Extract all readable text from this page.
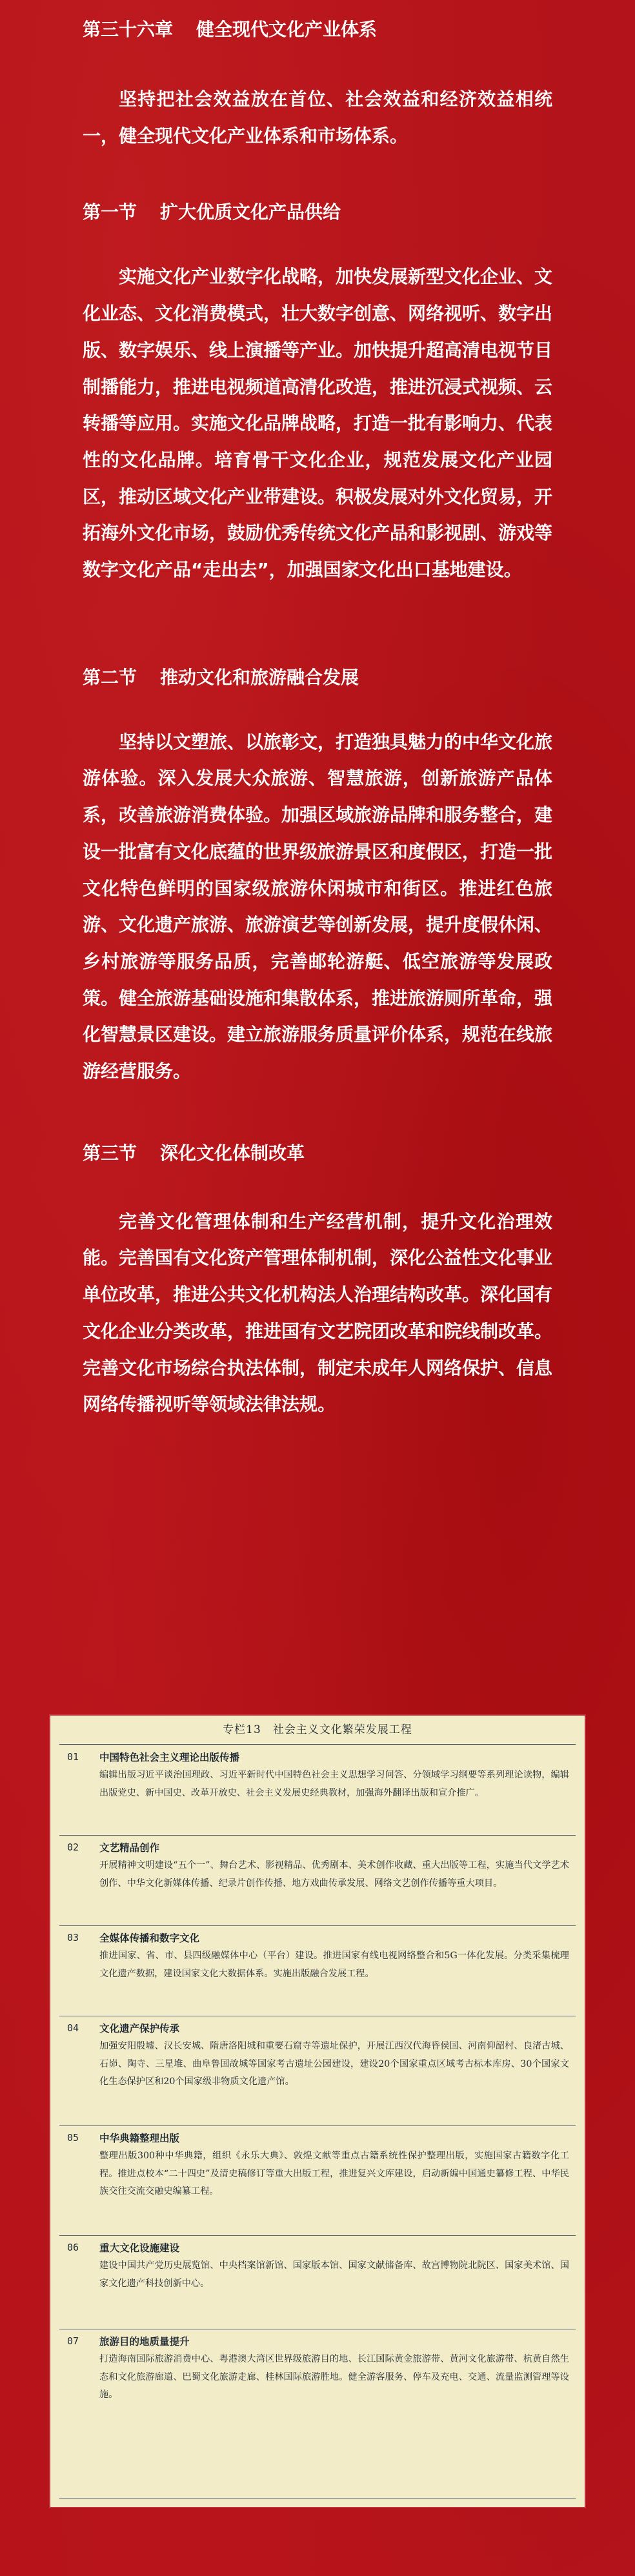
第三十六章 健全现代文化产业体系

坚持把社会效益放在首位、社会效益和经济效益相统一，健全现代文化产业体系和市场体系。

第一节 扩大优质文化产品供给

实施文化产业数字化战略，加快发展新型文化企业、文化业态、文化消费模式，壮大数字创意、网络视听、数字出版、数字娱乐、线上演播等产业。加快提升超高清电视节目制播能力，推进电视频道高清化改造，推进沉浸式视频、云转播等应用。实施文化品牌战略，打造一批有影响力、代表性的文化品牌。培育骨干文化企业，规范发展文化产业园区，推动区域文化产业带建设。积极发展对外文化贸易，开拓海外文化市场，鼓励优秀传统文化产品和影视剧、游戏等数字文化产品“走出去”，加强国家文化出口基地建设。

第二节 推动文化和旅游融合发展

坚持以文塑旅、以旅彰文，打造独具魅力的中华文化旅游体验。深入发展大众旅游、智慧旅游，创新旅游产品体系，改善旅游消费体验。加强区域旅游品牌和服务整合，建设一批富有文化底蕴的世界级旅游景区和度假区，打造一批文化特色鲜明的国家级旅游休闲城市和街区。推进红色旅游、文化遗产旅游、旅游演艺等创新发展，提升度假休闲、乡村旅游等服务品质，完善邮轮游艇、低空旅游等发展政策。健全旅游基础设施和集散体系，推进旅游厕所革命，强化智慧景区建设。建立旅游服务质量评价体系，规范在线旅游经营服务。

第三节 深化文化体制改革

完善文化管理体制和生产经营机制，提升文化治理效能。完善国有文化资产管理体制机制，深化公益性文化事业单位改革，推进公共文化机构法人治理结构改革。深化国有文化企业分类改革，推进国有文艺院团改革和院线制改革。完善文化市场综合执法体制，制定未成年人网络保护、信息网络传播视听等领域法律法规。

专栏13 社会主义文化繁荣发展工程
01 中国特色社会主义理论出版传播
编辑出版习近平谈治国理政、习近平新时代中国特色社会主义思想学习问答、分领域学习纲要等系列理论读物，编辑出版党史、新中国史、改革开放史、社会主义发展史经典教材，加强海外翻译出版和宣介推广。
02 文艺精品创作
开展精神文明建设“五个一”、舞台艺术、影视精品、优秀剧本、美术创作收藏、重大出版等工程，实施当代文学艺术创作、中华文化新媒体传播、纪录片创作传播、地方戏曲传承发展、网络文艺创作传播等重大项目。
03 全媒体传播和数字文化
推进国家、省、市、县四级融媒体中心（平台）建设。推进国家有线电视网络整合和5G一体化发展。分类采集梳理文化遗产数据，建设国家文化大数据体系。实施出版融合发展工程。
04 文化遗产保护传承
加强安阳殷墟、汉长安城、隋唐洛阳城和重要石窟寺等遗址保护，开展江西汉代海昏侯国、河南仰韶村、良渚古城、石峁、陶寺、三星堆、曲阜鲁国故城等国家考古遗址公园建设，建设20个国家重点区域考古标本库房、30个国家文化生态保护区和20个国家级非物质文化遗产馆。
05 中华典籍整理出版
整理出版300种中华典籍，组织《永乐大典》、敦煌文献等重点古籍系统性保护整理出版，实施国家古籍数字化工程。推进点校本“二十四史”及清史稿修订等重大出版工程，推进复兴文库建设，启动新编中国通史纂修工程、中华民族交往交流交融史编纂工程。
06 重大文化设施建设
建设中国共产党历史展览馆、中央档案馆新馆、国家版本馆、国家文献储备库、故宫博物院北院区、国家美术馆、国家文化遗产科技创新中心。
07 旅游目的地质量提升
打造海南国际旅游消费中心、粤港澳大湾区世界级旅游目的地、长江国际黄金旅游带、黄河文化旅游带、杭黄自然生态和文化旅游廊道、巴蜀文化旅游走廊、桂林国际旅游胜地。健全游客服务、停车及充电、交通、流量监测管理等设施。
